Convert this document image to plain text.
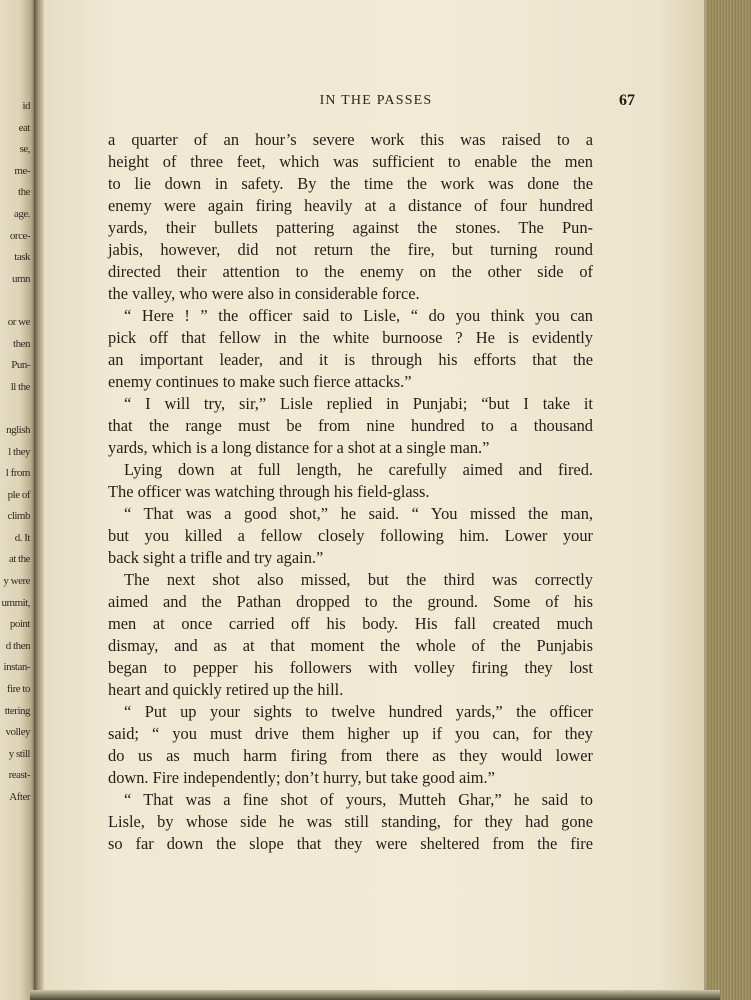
id
eat
se,
me-
the
age.
orce-
task
umn
or we
then
Pun-
ll the
nglish
l they
l from
ple of
climb
d. It
at the
y were
ummit,
point
d then
instan-
fire to
ttering
volley
y still
reast-
After
IN THE PASSES	67
a quarter of an hour’s severe work this was raised to a
height of three feet, which was sufficient to enable the men
to lie down in safety. By the time the work was done the
enemy were again firing heavily at a distance of four hundred
yards, their bullets pattering against the stones. The Pun-
jabis, however, did not return the fire, but turning round
directed their attention to the enemy on the other side of
the valley, who were also in considerable force.
“ Here ! ” the officer said to Lisle, “ do you think you can
pick off that fellow in the white burnoose ? He is evidently
an important leader, and it is through his efforts that the
enemy continues to make such fierce attacks.”
“ I will try, sir,” Lisle replied in Punjabi; “but I take it
that the range must be from nine hundred to a thousand
yards, which is a long distance for a shot at a single man.”
Lying down at full length, he carefully aimed and fired.
The officer was watching through his field-glass.
“ That was a good shot,” he said. “ You missed the man,
but you killed a fellow closely following him. Lower your
back sight a trifle and try again.”
The next shot also missed, but the third was correctly
aimed and the Pathan dropped to the ground. Some of his
men at once carried off his body. His fall created much
dismay, and as at that moment the whole of the Punjabis
began to pepper his followers with volley firing they lost
heart and quickly retired up the hill.
“ Put up your sights to twelve hundred yards,” the officer
said; “ you must drive them higher up if you can, for they
do us as much harm firing from there as they would lower
down. Fire independently; don’t hurry, but take good aim.”
“ That was a fine shot of yours, Mutteh Ghar,” he said to
Lisle, by whose side he was still standing, for they had gone
so far down the slope that they were sheltered from the fire
